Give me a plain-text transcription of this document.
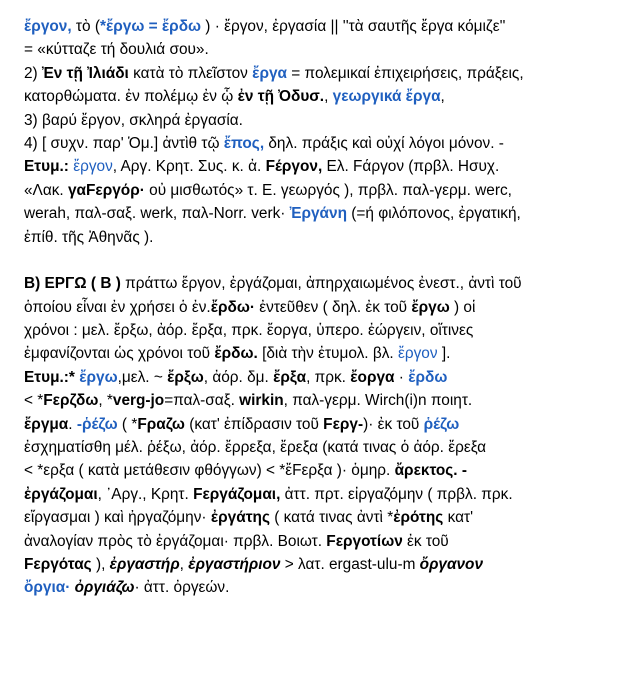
ἔργον, τὸ (*ἔργω = ἔρδω ) · ἔργον, ἐργασία || ''τὰ σαυτῆς ἔργα κόμιζε''
= «κύτταζε τή δουλιά σου».
2) Ἐν τῇ Ἰλιάδι κατὰ τὸ πλεῖστον ἔργα = πολεμικαί ἐπιχειρήσεις, πράξεις,
κατορθώματα. ἐν πολέμῳ ἐν ᾧ ἐν τῇ Ὀδυσ., γεωργικά ἔργα,
3) βαρύ ἔργον, σκληρά ἐργασία.
4) [ συχν. παρ' Ὁμ.] ἀντὶθ τῷ ἔπος, δηλ. πράξις καὶ οὐχί λόγοι μόνον. -
Ετυμ.: ἔργον, Αργ. Κρητ. Συς. κ. ἀ. Fέργον, Ελ. Fάργον (πρβλ. Ησυχ.
«Λακ. γαFεργόρ· οὐ μισθωτός» τ. Ε. γεωργός ), πρβλ. παλ-γερμ. werc,
werah, παλ-σαξ. werk, παλ-Norr. verk· Ἐργάνη (=ή φιλόπονος, ἐργατική,
ἐπίθ. τῆς Ἀθηνᾶς ).
B) ΕΡΓΩ ( B ) πράττω ἔργον, ἐργάζομαι, ἀπηρχαιωμένος ἐνεστ., ἀντὶ τοῦ
ὁποίου εἶναι ἐν χρήσει ὁ ἐν.ἔρδω· ἐντεῦθεν ( δηλ. ἐκ τοῦ ἔργω ) οἱ
χρόνοι : μελ. ἔρξω, ἀόρ. ἔρξα, πρκ. ἔοργα, ὑπερο. ἐώργειν, οἵτινες
ἐμφανίζονται ὡς χρόνοι τοῦ ἔρδω. [διὰ τὴν ἐτυμολ. βλ. ἔργον ].
Ετυμ.:* ἔργω,μελ. ~ ἔρξω, ἀόρ. δμ. ἔρξα, πρκ. ἔοργα · ἔρδω
< *Fερζδω, *verg-jo=παλ-σαξ. wirkin, παλ-γερμ. Wirch(i)n ποιητ.
ἔργμα. -ῥέζω ( *Fραζω (κατ' ἐπίδρασιν τοῦ Fεργ-)· ἐκ τοῦ ῥέζω
ἐσχηματίσθη μέλ. ῥέξω, ἀόρ. ἔρρεξα, ἔρεξα (κατά τινας ὁ ἀόρ. ἔρεξα
< *ερξα ( κατὰ μετάθεσιν φθόγγων) < *ἔFερξα )· ὁμηρ. ἄρεκτος. -
ἐργάζομαι, ᾿Αργ., Κρητ. Fεργάζομαι, ἀττ. πρτ. εἰργαζόμην ( πρβλ. πρκ.
εἴργασμαι ) καὶ ἠργαζόμην· ἐργάτης ( κατά τινας ἀντὶ *ἐρότης κατ'
ἀναλογίαν πρὸς τὸ ἐργάζομαι· πρβλ. Βοιωτ. Fεργοτίων ἐκ τοῦ
Fεργότας ), ἐργαστήρ, ἐργαστήριον > λατ. ergast-ulu-m ὄργανον
ὄργια· ὀργιάζω· ἀττ. ὀργεών.
